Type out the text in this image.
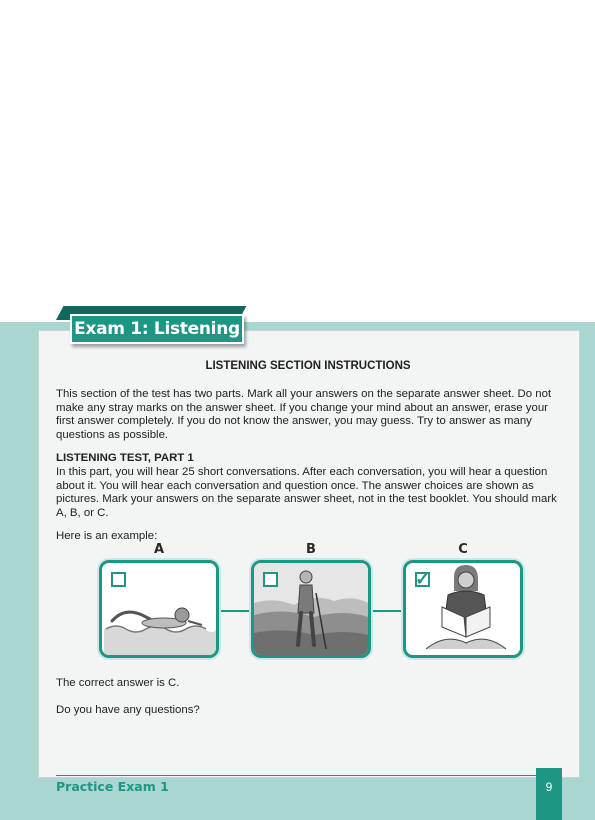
Exam 1: Listening
LISTENING SECTION INSTRUCTIONS

This section of the test has two parts. Mark all your answers on the separate answer sheet. Do not make any stray marks on the answer sheet. If you change your mind about an answer, erase your first answer completely. If you do not know the answer, you may guess. Try to answer as many questions as possible.

LISTENING TEST, PART 1

In this part, you will hear 25 short conversations. After each conversation, you will hear a question about it. You will hear each conversation and question once. The answer choices are shown as pictures. Mark your answers on the separate answer sheet, not in the test booklet. You should mark A, B, or C.

Here is an example:

A	B	C
✓

The correct answer is C.

Do you have any questions?

Practice Exam 1	9
